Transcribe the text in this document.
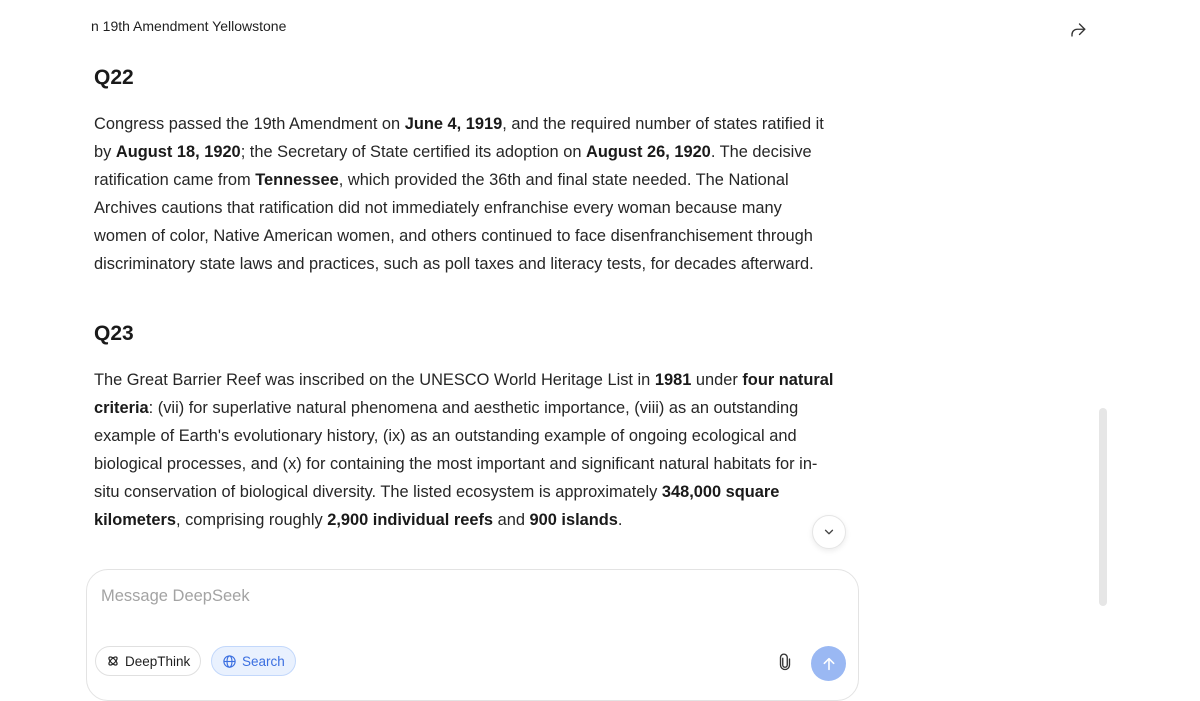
n 19th Amendment Yellowstone
Q22

Congress passed the 19th Amendment on June 4, 1919, and the required number of states ratified it by August 18, 1920; the Secretary of State certified its adoption on August 26, 1920. The decisive ratification came from Tennessee, which provided the 36th and final state needed. The National Archives cautions that ratification did not immediately enfranchise every woman because many women of color, Native American women, and others continued to face disenfranchisement through discriminatory state laws and practices, such as poll taxes and literacy tests, for decades afterward.

Q23

The Great Barrier Reef was inscribed on the UNESCO World Heritage List in 1981 under four natural criteria: (vii) for superlative natural phenomena and aesthetic importance, (viii) as an outstanding example of Earth's evolutionary history, (ix) as an outstanding example of ongoing ecological and biological processes, and (x) for containing the most important and significant natural habitats for in-situ conservation of biological diversity. The listed ecosystem is approximately 348,000 square kilometers, comprising roughly 2,900 individual reefs and 900 islands.

Message DeepSeek
DeepThink	Search
